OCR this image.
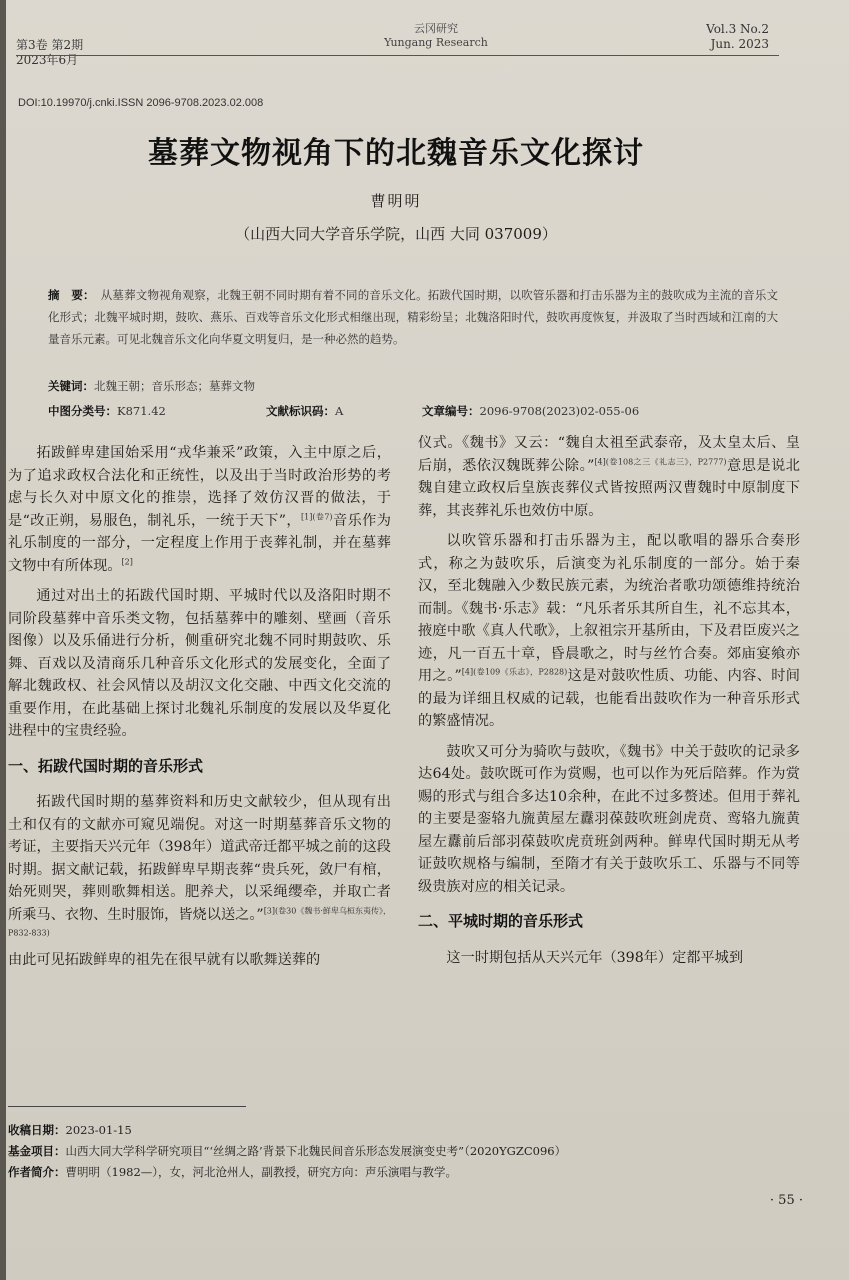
第3卷 第2期
2023年6月
云冈研究
Yungang Research
Vol.3 No.2
Jun. 2023
DOI:10.19970/j.cnki.ISSN 2096-9708.2023.02.008
墓葬文物视角下的北魏音乐文化探讨
曹明明
（山西大同大学音乐学院，山西 大同 037009）
摘　要： 从墓葬文物视角观察，北魏王朝不同时期有着不同的音乐文化。拓跋代国时期，以吹管乐器和打击乐器为主的鼓吹成为主流的音乐文化形式；北魏平城时期，鼓吹、燕乐、百戏等音乐文化形式相继出现，精彩纷呈；北魏洛阳时代，鼓吹再度恢复，并汲取了当时西域和江南的大量音乐元素。可见北魏音乐文化向华夏文明复归，是一种必然的趋势。
关键词：北魏王朝；音乐形态；墓葬文物
中图分类号：K871.42	文献标识码：A	文章编号：2096-9708(2023)02-055-06

拓跋鲜卑建国始采用“戎华兼采”政策，入主中原之后，为了追求政权合法化和正统性，以及出于当时政治形势的考虑与长久对中原文化的推崇，选择了效仿汉晋的做法，于是“改正朔，易服色，制礼乐，一统于天下”，$^{[1](卷7)}$音乐作为礼乐制度的一部分，一定程度上作用于丧葬礼制，并在墓葬文物中有所体现。[2]

通过对出土的拓跋代国时期、平城时代以及洛阳时期不同阶段墓葬中音乐类文物，包括墓葬中的雕刻、壁画（音乐图像）以及乐俑进行分析，侧重研究北魏不同时期鼓吹、乐舞、百戏以及清商乐几种音乐文化形式的发展变化，全面了解北魏政权、社会风情以及胡汉文化交融、中西文化交流的重要作用，在此基础上探讨北魏礼乐制度的发展以及华夏化进程中的宝贵经验。

一、拓跋代国时期的音乐形式

拓跋代国时期的墓葬资料和历史文献较少，但从现有出土和仅有的文献亦可窥见端倪。对这一时期墓葬音乐文物的考证，主要指天兴元年（398年）道武帝迁都平城之前的这段时期。据文献记载，拓跋鲜卑早期丧葬“贵兵死，敛尸有棺，始死则哭，葬则歌舞相送。肥养犬，以采绳缨牵，并取亡者所乘马、衣物、生时服饰，皆烧以送之。”$^{[3](卷30《魏书\cdot 鲜卑乌桓东夷传》,P832-833)}$

由此可见拓跋鲜卑的祖先在很早就有以歌舞送葬的

仪式。《魏书》又云：“魏自太祖至武泰帝，及太皇太后、皇后崩，悉依汉魏既葬公除。”$^{[4](卷108之三《礼志三》,P2777)}$意思是说北魏自建立政权后皇族丧葬仪式皆按照两汉曹魏时中原制度下葬，其丧葬礼乐也效仿中原。

以吹管乐器和打击乐器为主，配以歌唱的器乐合奏形式，称之为鼓吹乐，后演变为礼乐制度的一部分。始于秦汉，至北魏融入少数民族元素，为统治者歌功颂德维持统治而制。《魏书·乐志》载：“凡乐者乐其所自生，礼不忘其本，掖庭中歌《真人代歌》，上叙祖宗开基所由，下及君臣废兴之迹，凡一百五十章，昏晨歌之，时与丝竹合奏。郊庙宴飨亦用之。”$^{[4](卷109《乐志》,P2828)}$这是对鼓吹性质、功能、内容、时间的最为详细且权威的记载，也能看出鼓吹作为一种音乐形式的繁盛情况。

鼓吹又可分为骑吹与鼓吹，《魏书》中关于鼓吹的记录多达64处。鼓吹既可作为赏赐，也可以作为死后陪葬。作为赏赐的形式与组合多达10余种，在此不过多赘述。但用于葬礼的主要是銮辂九旒黄屋左纛羽葆鼓吹班剑虎贲、鸾辂九旒黄屋左纛前后部羽葆鼓吹虎贲班剑两种。鲜卑代国时期无从考证鼓吹规格与编制，至隋才有关于鼓吹乐工、乐器与不同等级贵族对应的相关记录。

二、平城时期的音乐形式

这一时期包括从天兴元年（398年）定都平城到

收稿日期：2023-01-15
基金项目：山西大同大学科学研究项目“‘丝绸之路’背景下北魏民间音乐形态发展演变史考”（2020YGZC096）
作者简介：曹明明（1982—），女，河北沧州人，副教授，研究方向：声乐演唱与教学。
· 55 ·
